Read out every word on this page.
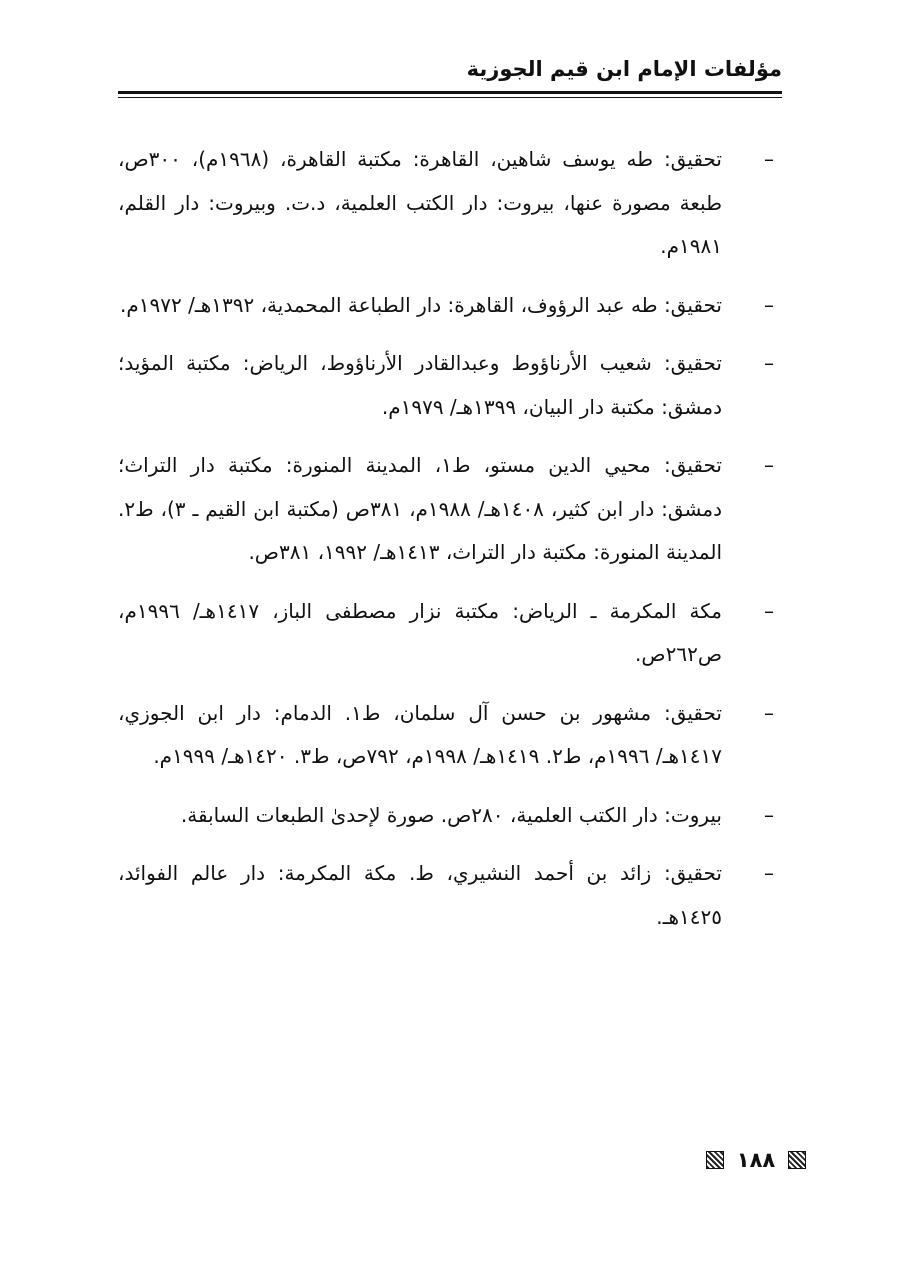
مؤلفات الإمام ابن قيم الجوزية
–
تحقيق: طه يوسف شاهين، القاهرة: مكتبة القاهرة، (١٩٦٨م)، ٣٠٠ص، طبعة مصورة عنها، بيروت: دار الكتب العلمية، د.ت. وبيروت: دار القلم، ١٩٨١م.
–
تحقيق: طه عبد الرؤوف، القاهرة: دار الطباعة المحمدية، ١٣٩٢هـ/ ١٩٧٢م.
–
تحقيق: شعيب الأرناؤوط وعبدالقادر الأرناؤوط، الرياض: مكتبة المؤيد؛ دمشق: مكتبة دار البيان، ١٣٩٩هـ/ ١٩٧٩م.
–
تحقيق: محيي الدين مستو، ط١، المدينة المنورة: مكتبة دار التراث؛ دمشق: دار ابن كثير، ١٤٠٨هـ/ ١٩٨٨م، ٣٨١ص (مكتبة ابن القيم ـ ٣)، ط٢. المدينة المنورة: مكتبة دار التراث، ١٤١٣هـ/ ١٩٩٢، ٣٨١ص.
–
مكة المكرمة ـ الرياض: مكتبة نزار مصطفى الباز، ١٤١٧هـ/ ١٩٩٦م، ص٢٦٢ص.
–
تحقيق: مشهور بن حسن آل سلمان، ط١. الدمام: دار ابن الجوزي، ١٤١٧هـ/ ١٩٩٦م، ط٢. ١٤١٩هـ/ ١٩٩٨م، ٧٩٢ص، ط٣. ١٤٢٠هـ/ ١٩٩٩م.
–
بيروت: دار الكتب العلمية، ٢٨٠ص. صورة لإحدىٰ الطبعات السابقة.
–
تحقيق: زائد بن أحمد النشيري، ط. مكة المكرمة: دار عالم الفوائد، ١٤٢٥هـ.
١٨٨
